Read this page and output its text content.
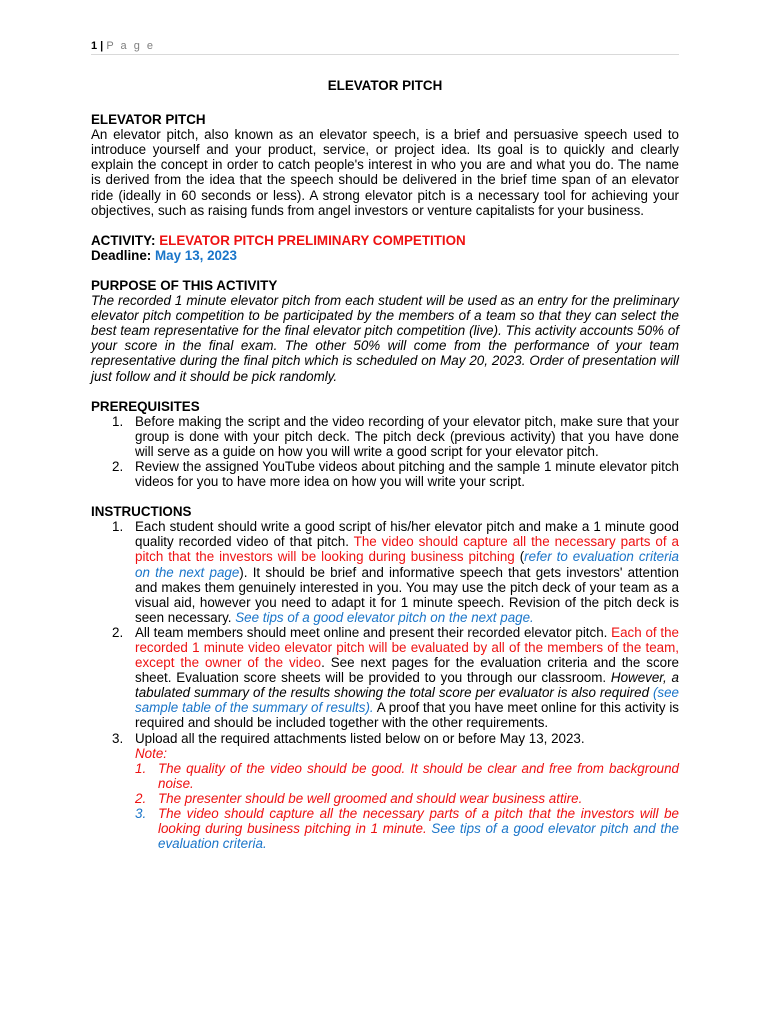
1 | P a g e
ELEVATOR PITCH
ELEVATOR PITCH

An elevator pitch, also known as an elevator speech, is a brief and persuasive speech used to introduce yourself and your product, service, or project idea. Its goal is to quickly and clearly explain the concept in order to catch people's interest in who you are and what you do. The name is derived from the idea that the speech should be delivered in the brief time span of an elevator ride (ideally in 60 seconds or less). A strong elevator pitch is a necessary tool for achieving your objectives, such as raising funds from angel investors or venture capitalists for your business.

ACTIVITY: ELEVATOR PITCH PRELIMINARY COMPETITION
Deadline: May 13, 2023
PURPOSE OF THIS ACTIVITY

The recorded 1 minute elevator pitch from each student will be used as an entry for the preliminary elevator pitch competition to be participated by the members of a team so that they can select the best team representative for the final elevator pitch competition (live). This activity accounts 50% of your score in the final exam. The other 50% will come from the performance of your team representative during the final pitch which is scheduled on May 20, 2023. Order of presentation will just follow and it should be pick randomly.

PREREQUISITES
1. Before making the script and the video recording of your elevator pitch, make sure that your group is done with your pitch deck. The pitch deck (previous activity) that you have done will serve as a guide on how you will write a good script for your elevator pitch.
2. Review the assigned YouTube videos about pitching and the sample 1 minute elevator pitch videos for you to have more idea on how you will write your script.
INSTRUCTIONS
1. Each student should write a good script of his/her elevator pitch and make a 1 minute good quality recorded video of that pitch. The video should capture all the necessary parts of a pitch that the investors will be looking during business pitching (refer to evaluation criteria on the next page). It should be brief and informative speech that gets investors' attention and makes them genuinely interested in you. You may use the pitch deck of your team as a visual aid, however you need to adapt it for 1 minute speech. Revision of the pitch deck is seen necessary. See tips of a good elevator pitch on the next page.
2. All team members should meet online and present their recorded elevator pitch. Each of the recorded 1 minute video elevator pitch will be evaluated by all of the members of the team, except the owner of the video. See next pages for the evaluation criteria and the score sheet. Evaluation score sheets will be provided to you through our classroom. However, a tabulated summary of the results showing the total score per evaluator is also required (see sample table of the summary of results). A proof that you have meet online for this activity is required and should be included together with the other requirements.
3. Upload all the required attachments listed below on or before May 13, 2023.
Note:
1. The quality of the video should be good. It should be clear and free from background noise.
2. The presenter should be well groomed and should wear business attire.
3. The video should capture all the necessary parts of a pitch that the investors will be looking during business pitching in 1 minute. See tips of a good elevator pitch and the evaluation criteria.
